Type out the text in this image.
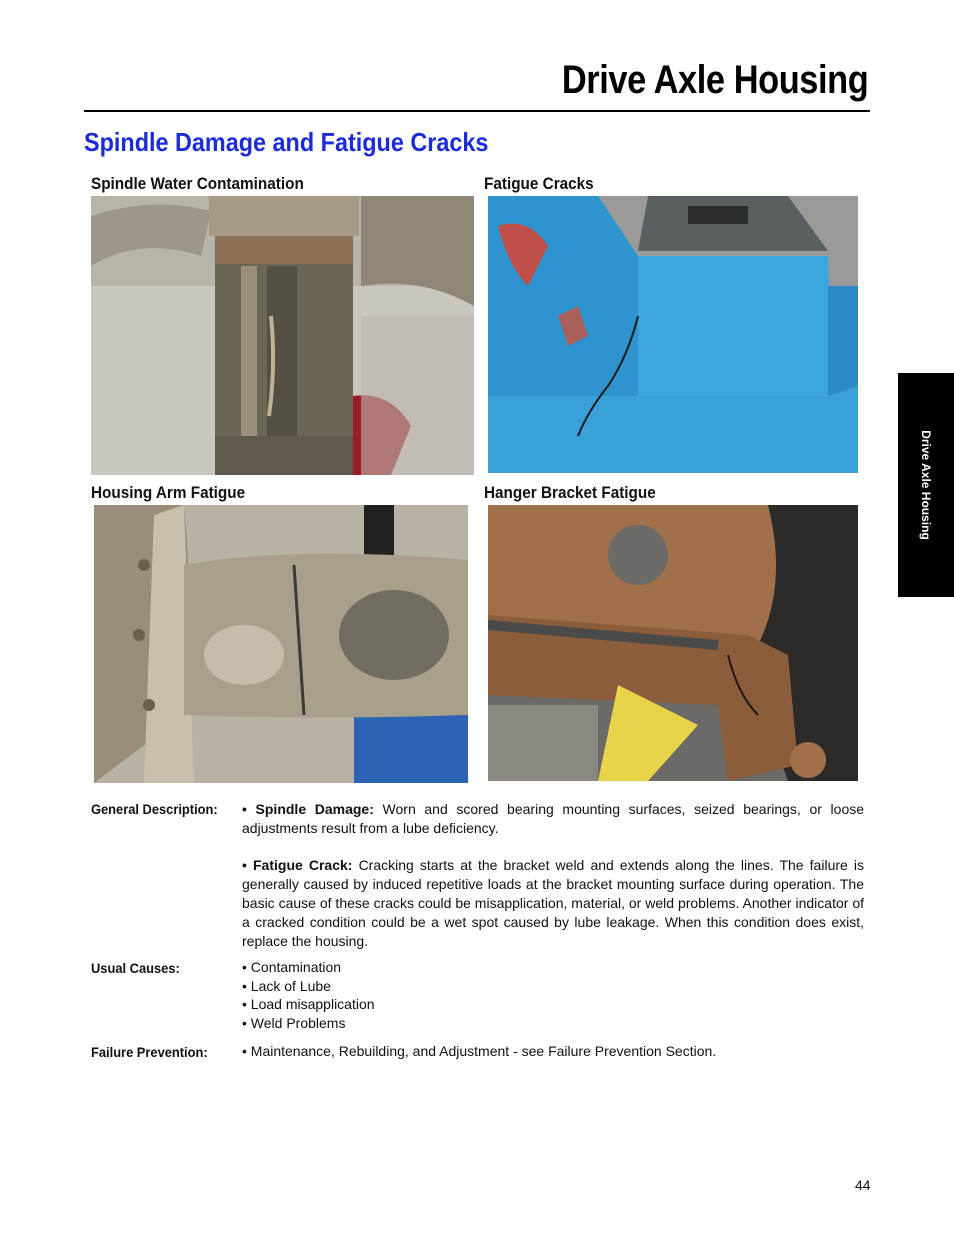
Drive Axle Housing
Spindle Damage and Fatigue Cracks
Drive Axle Housing
Spindle Water Contamination	Fatigue Cracks
Housing Arm Fatigue	Hanger Bracket Fatigue
General Description: • Spindle Damage: Worn and scored bearing mounting surfaces, seized bearings, or loose adjustments result from a lube deficiency.
• Fatigue Crack: Cracking starts at the bracket weld and extends along the lines. The failure is generally caused by induced repetitive loads at the bracket mounting surface during operation. The basic cause of these cracks could be misapplication, material, or weld problems. Another indicator of a cracked condition could be a wet spot caused by lube leakage. When this condition does exist, replace the housing.
Usual Causes:	• Contamination
• Lack of Lube
• Load misapplication
• Weld Problems
Failure Prevention: • Maintenance, Rebuilding, and Adjustment - see Failure Prevention Section.
44
